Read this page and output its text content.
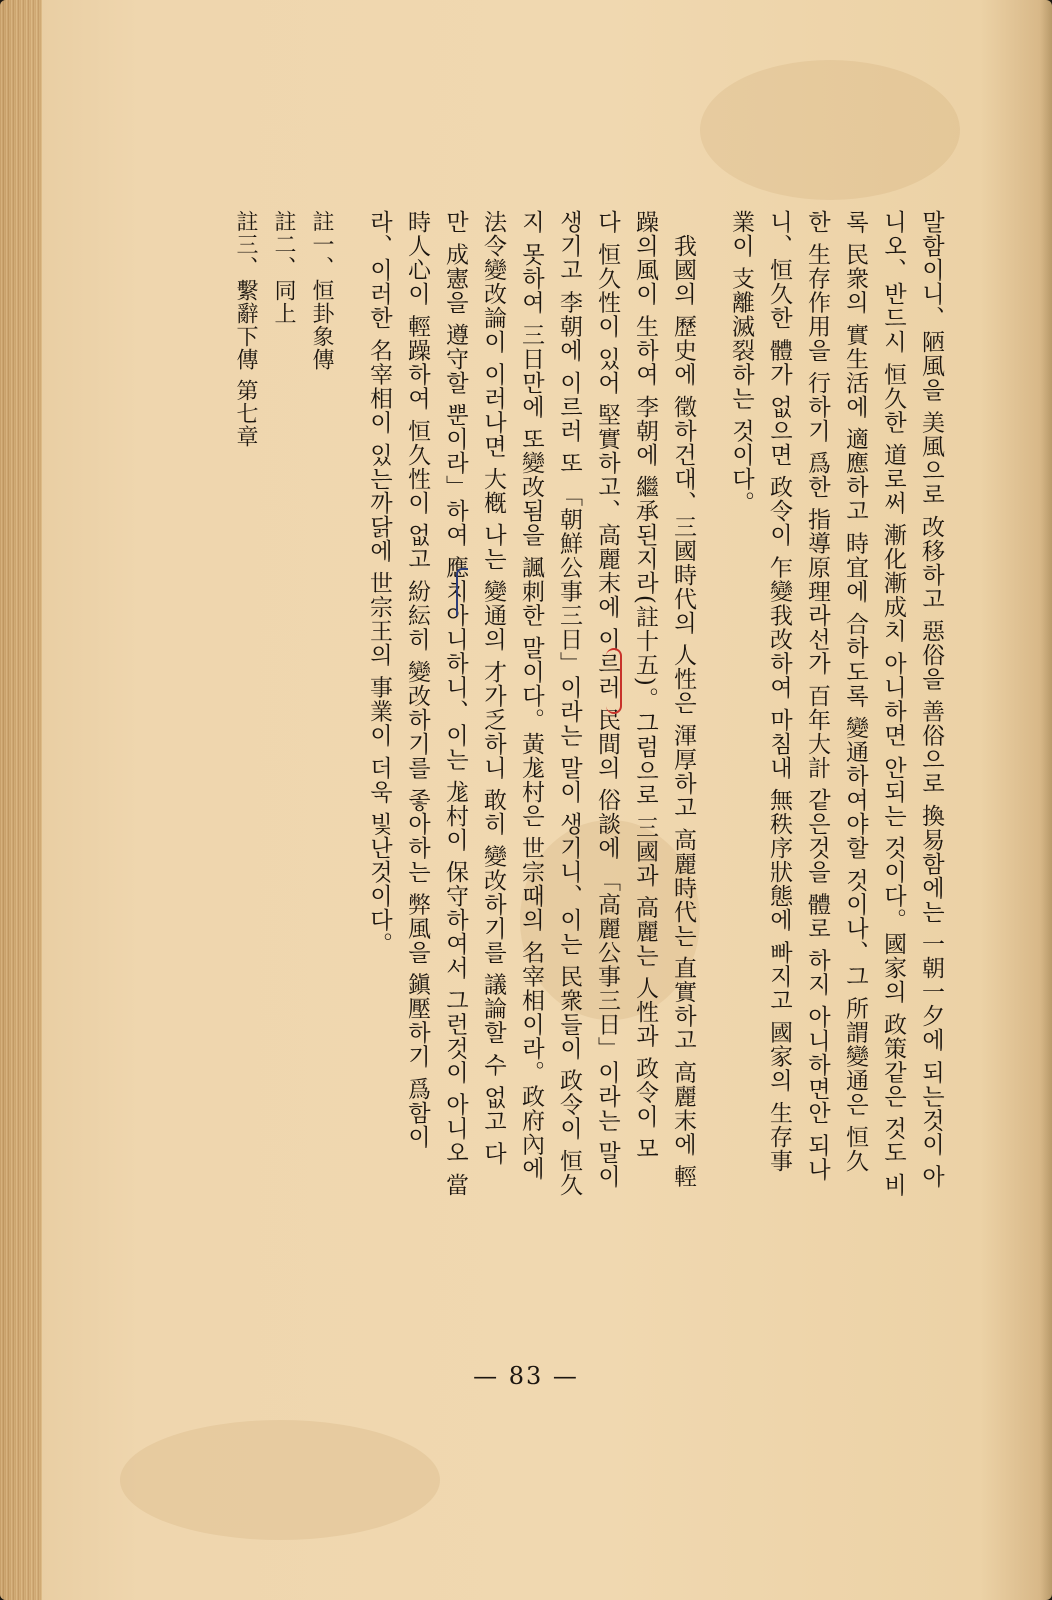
말함이니、陋風을 美風으로 改移하고 惡俗을 善俗으로 換易함에는 一朝一夕에 되는것이 아
니오、반드시 恒久한 道로써 漸化漸成치 아니하면 안되는 것이다。國家의 政策같은 것도 비
록 民衆의 實生活에 適應하고 時宜에 合하도록 變通하여야할 것이나、그 所謂變通은 恒久
한 生存作用을 行하기 爲한 指導原理라선가 百年大計 같은것을 體로 하지 아니하면안 되나
니、恒久한 體가 없으면 政令이 乍變我改하여 마침내 無秩序狀態에 빠지고 國家의 生存事
業이 支離滅裂하는 것이다。
我國의 歷史에 徵하건대、三國時代의 人性은 渾厚하고 高麗時代는 直實하고 高麗末에 輕
躁의風이 生하여 李朝에 繼承된지라(註十五)。그럼으로 三國과 高麗는 人性과 政令이 모
다 恒久性이 있어 堅實하고、高麗末에 이르러 民間의 俗談에 「高麗公事三日」이라는 말이
생기고 李朝에 이르러 또 「朝鮮公事三日」이라는 말이 생기니、이는 民衆들이 政令이 恒久
지 못하여 三日만에 또變改됨을 諷刺한 말이다。黃尨村은 世宗때의 名宰相이라。政府內에
法令變改論이 이러나면 大槪 나는 變通의 才가乏하니 敢히 變改하기를 議論할 수 없고 다
만 成憲을 遵守할 뿐이라」하여 應치아니하니、이는 尨村이 保守하여서 그런것이 아니오 當
時人心이 輕躁하여 恒久性이 없고 紛紜히 變改하기를 좋아하는 弊風을 鎭壓하기 爲함이
라、이러한 名宰相이 있는까닭에 世宗王의 事業이 더욱 빛난것이다。
註一、恒卦象傳
註二、同上
註三、繫辭下傳 第七章
— 83 —
